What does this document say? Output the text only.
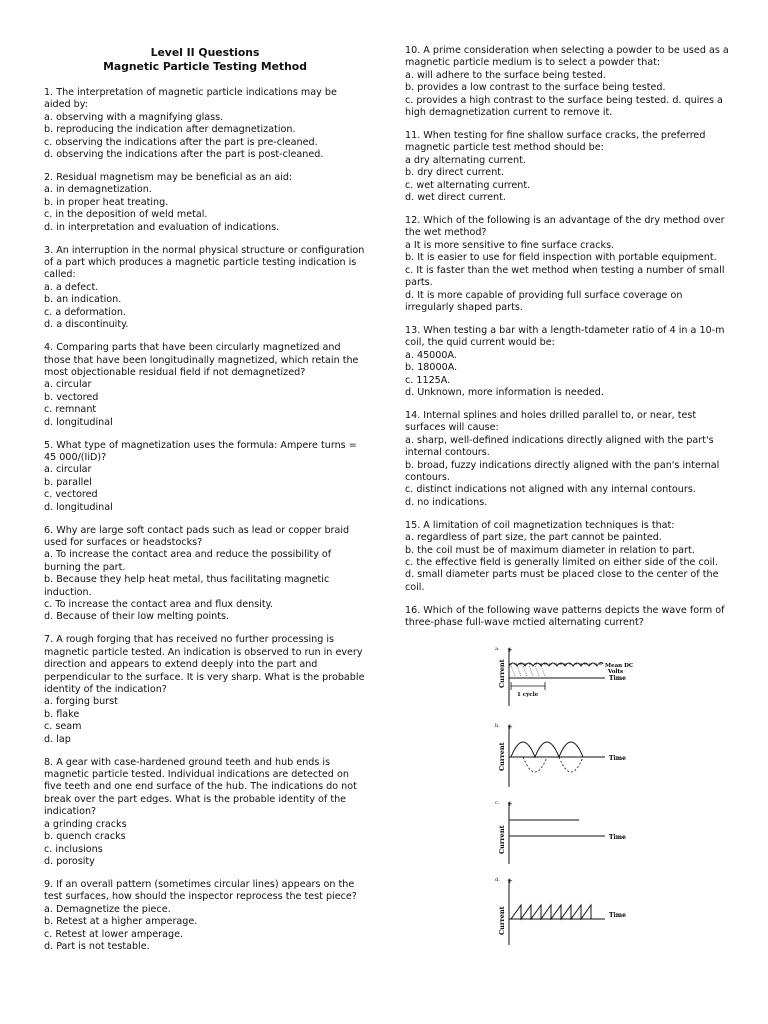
Level II Questions
Magnetic Particle Testing Method
1. The interpretation of magnetic particle indications may be aided by:
a. observing with a magnifying glass.
b. reproducing the indication after demagnetization.
c. observing the indications after the part is pre-cleaned.
d. observing the indications after the part is post-cleaned.
2. Residual magnetism may be beneficial as an aid:
a. in demagnetization.
b. in proper heat treating.
c. in the deposition of weld metal.
d. in interpretation and evaluation of indications.
3. An interruption in the normal physical structure or configuration of a part which produces a magnetic particle testing indication is called:
a. a defect.
b. an indication.
c. a deformation.
d. a discontinuity.
4. Comparing parts that have been circularly magnetized and those that have been longitudinally magnetized, which retain the most objectionable residual field if not demagnetized?
a. circular
b. vectored
c. remnant
d. longitudinal
5. What type of magnetization uses the formula: Ampere turns = 45 000/(IiD)?
a. circular
b. parallel
c. vectored
d. longitudinal
6. Why are large soft contact pads such as lead or copper braid used for surfaces or headstocks?
a. To increase the contact area and reduce the possibility of burning the part.
b. Because they help heat metal, thus facilitating magnetic induction.
c. To increase the contact area and flux density.
d. Because of their low melting points.
7. A rough forging that has received no further processing is magnetic particle tested. An indication is observed to run in every direction and appears to extend deeply into the part and perpendicular to the surface. It is very sharp. What is the probable identity of the indication?
a. forging burst
b. flake
c. seam
d. lap
8. A gear with case-hardened ground teeth and hub ends is magnetic particle tested. Individual indications are detected on five teeth and one end surface of the hub. The indications do not break over the part edges. What is the probable identity of the indication?
a grinding cracks
b. quench cracks
c. inclusions
d. porosity
9. If an overall pattern (sometimes circular lines) appears on the test surfaces, how should the inspector reprocess the test piece?
a. Demagnetize the piece.
b. Retest at a higher amperage.
c. Retest at lower amperage.
d. Part is not testable.
10. A prime consideration when selecting a powder to be used as a magnetic particle medium is to select a powder that:
a. will adhere to the surface being tested.
b. provides a low contrast to the surface being tested.
c. provides a high contrast to the surface being tested. d. quires a high demagnetization current to remove it.
11. When testing for fine shallow surface cracks, the preferred magnetic particle test method should be:
a dry alternating current.
b. dry direct current.
c. wet alternating current.
d. wet direct current.
12. Which of the following is an advantage of the dry method over the wet method?
a It is more sensitive to fine surface cracks.
b. It is easier to use for field inspection with portable equipment.
c. It is faster than the wet method when testing a number of small parts.
d. It is more capable of providing full surface coverage on irregularly shaped parts.
13. When testing a bar with a length-tdameter ratio of 4 in a 10-m coil, the quid current would be:
a. 45000A.
b. 18000A.
c. 1125A.
d. Unknown, more information is needed.
14. Internal splines and holes drilled parallel to, or near, test surfaces will cause:
a. sharp, well-defined indications directly aligned with the part's internal contours.
b. broad, fuzzy indications directly aligned with the pan's internal contours.
c. distinct indications not aligned with any internal contours.
d. no indications.
15. A limitation of coil magnetization techniques is that:
a. regardless of part size, the part cannot be painted.
b. the coil must be of maximum diameter in relation to part.
c. the effective field is generally limited on either side of the coil.
d. small diameter parts must be placed close to the center of the coil.
16. Which of the following wave patterns depicts the wave form of three-phase full-wave mctied alternating current?
a. +
Current	Mean DC
Volts
Time
1 cycle
b. +
Current	Time
c. +
Current	Time
d. +
Current	Time
